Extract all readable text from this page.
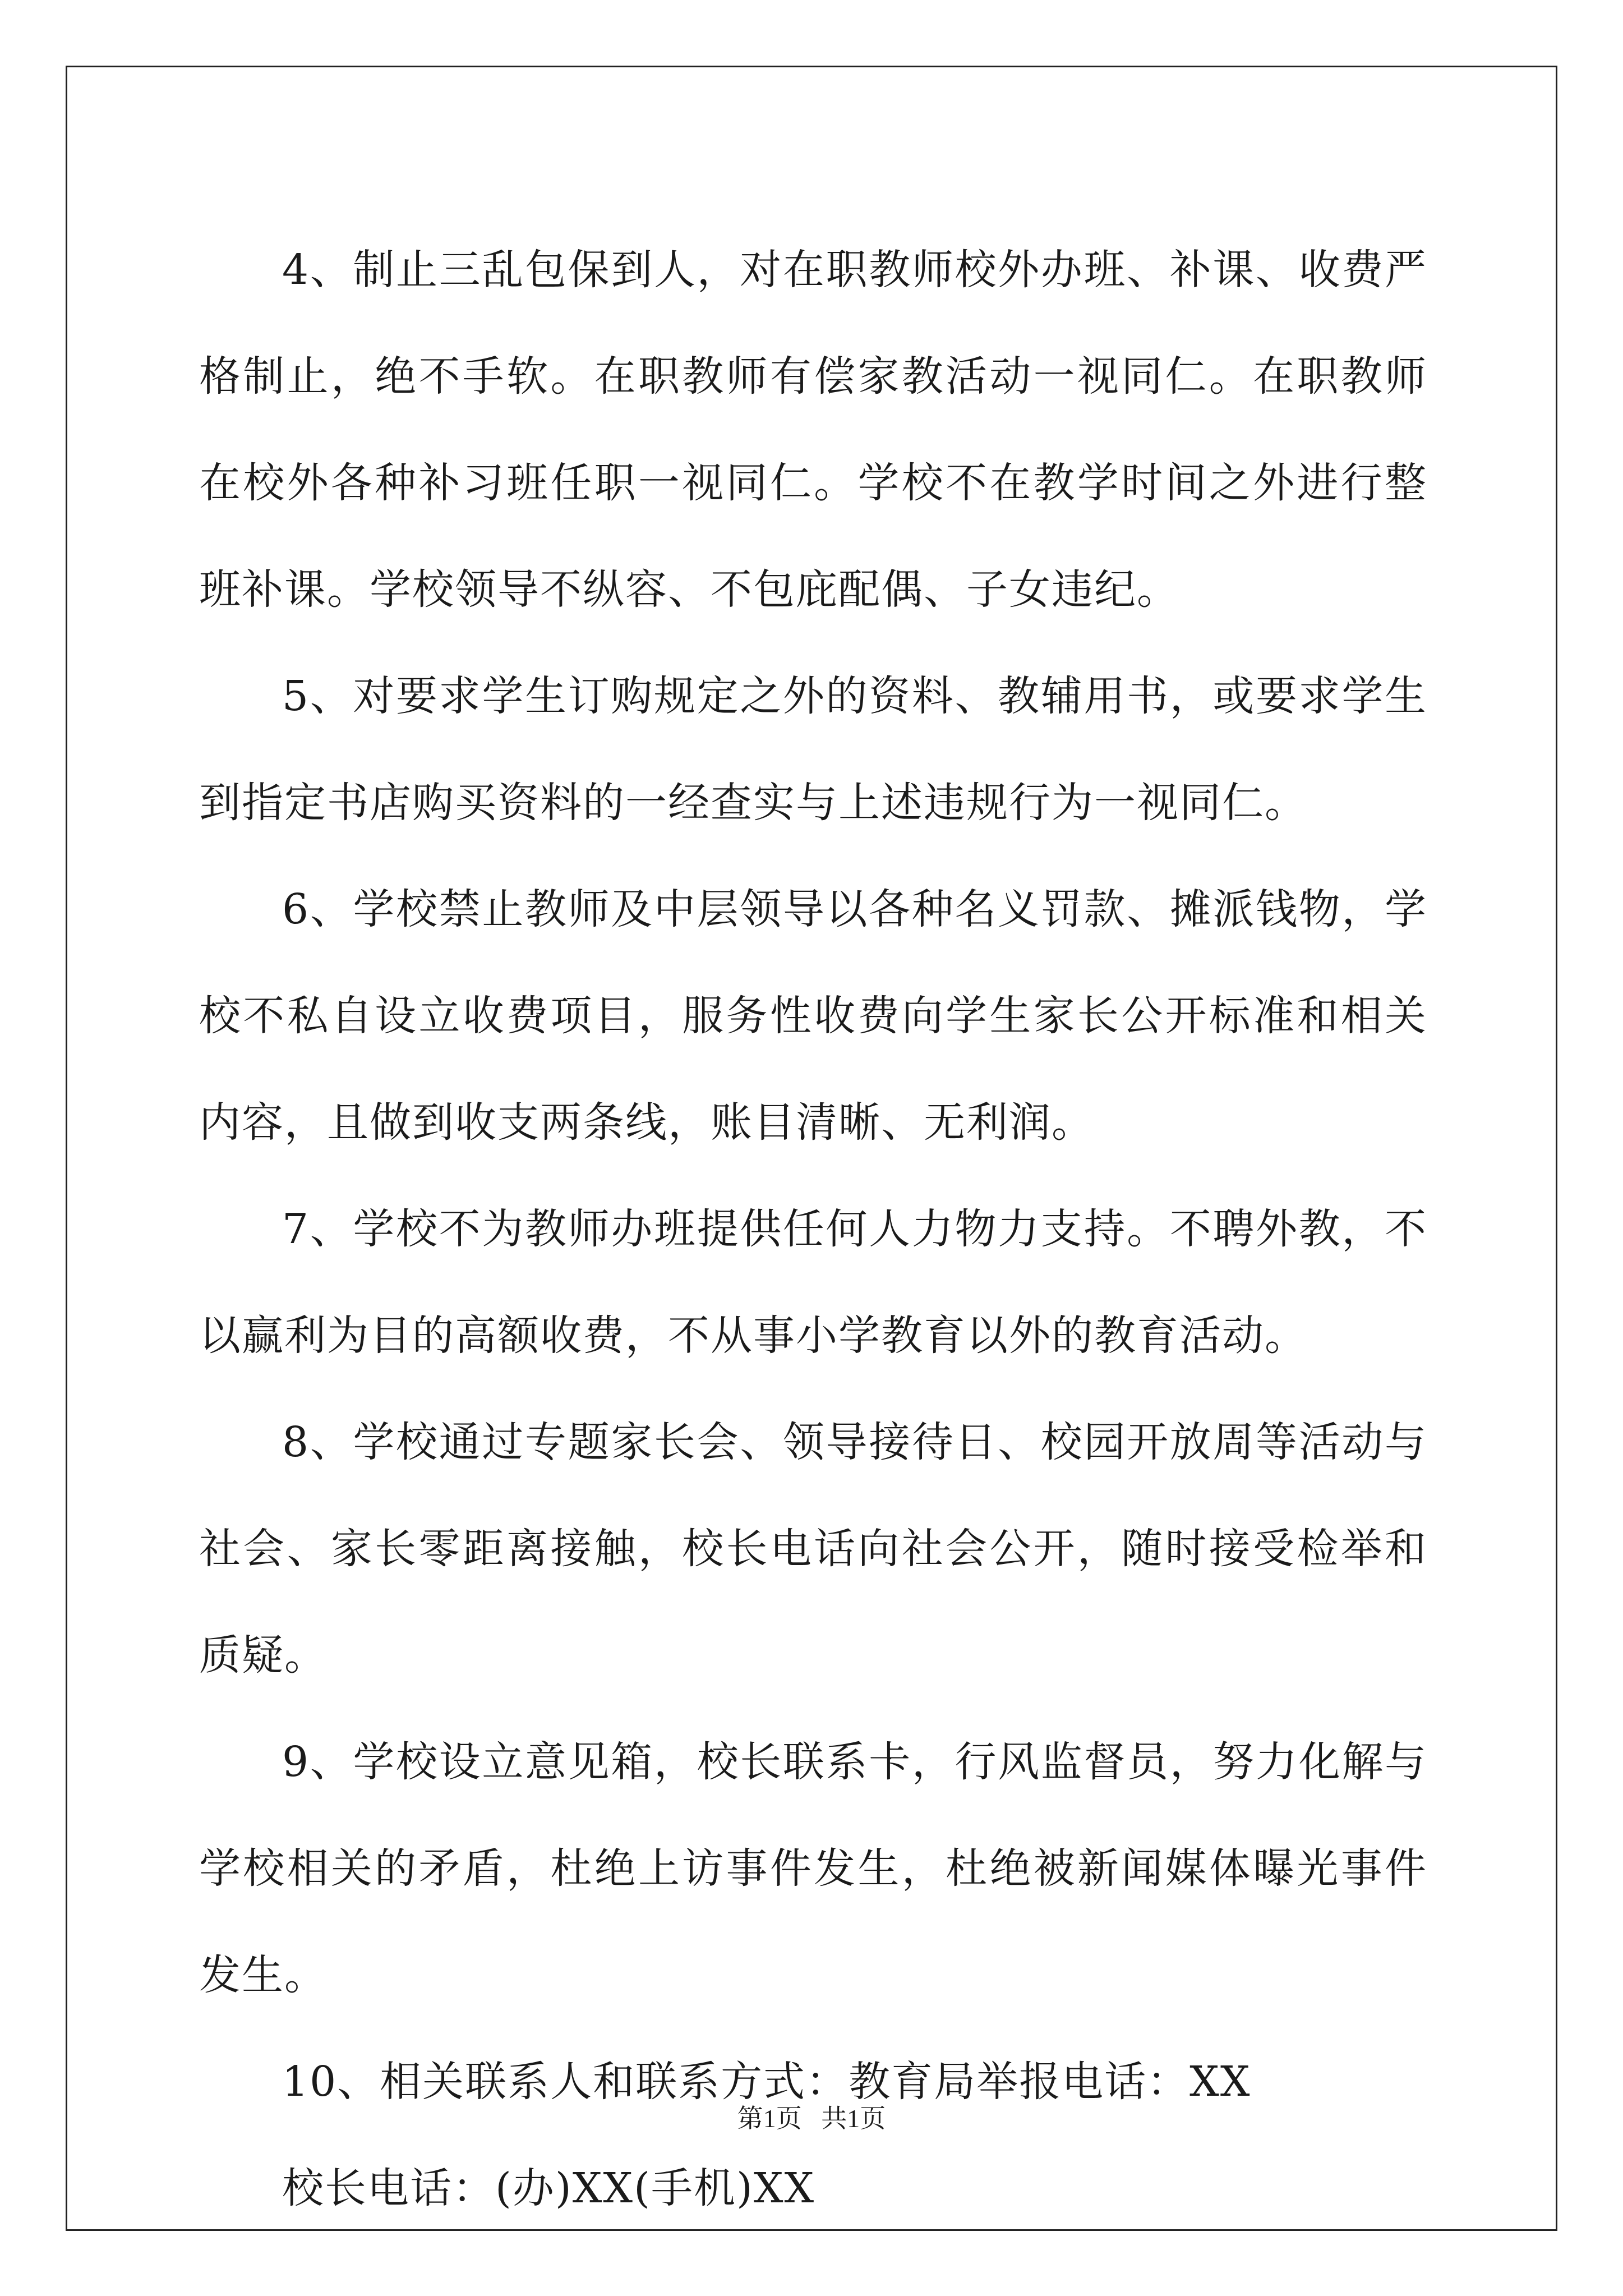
4、制止三乱包保到人，对在职教师校外办班、补课、收费严格制止，绝不手软。在职教师有偿家教活动一视同仁。在职教师在校外各种补习班任职一视同仁。学校不在教学时间之外进行整班补课。学校领导不纵容、不包庇配偶、子女违纪。

5、对要求学生订购规定之外的资料、教辅用书，或要求学生到指定书店购买资料的一经查实与上述违规行为一视同仁。

6、学校禁止教师及中层领导以各种名义罚款、摊派钱物，学校不私自设立收费项目，服务性收费向学生家长公开标准和相关内容，且做到收支两条线，账目清晰、无利润。

7、学校不为教师办班提供任何人力物力支持。不聘外教，不以赢利为目的高额收费，不从事小学教育以外的教育活动。

8、学校通过专题家长会、领导接待日、校园开放周等活动与社会、家长零距离接触，校长电话向社会公开，随时接受检举和质疑。

9、学校设立意见箱，校长联系卡，行风监督员，努力化解与学校相关的矛盾，杜绝上访事件发生，杜绝被新闻媒体曝光事件发生。

10、相关联系人和联系方式：教育局举报电话：XX

校长电话：(办)XX(手机)XX

第1页   共1页
